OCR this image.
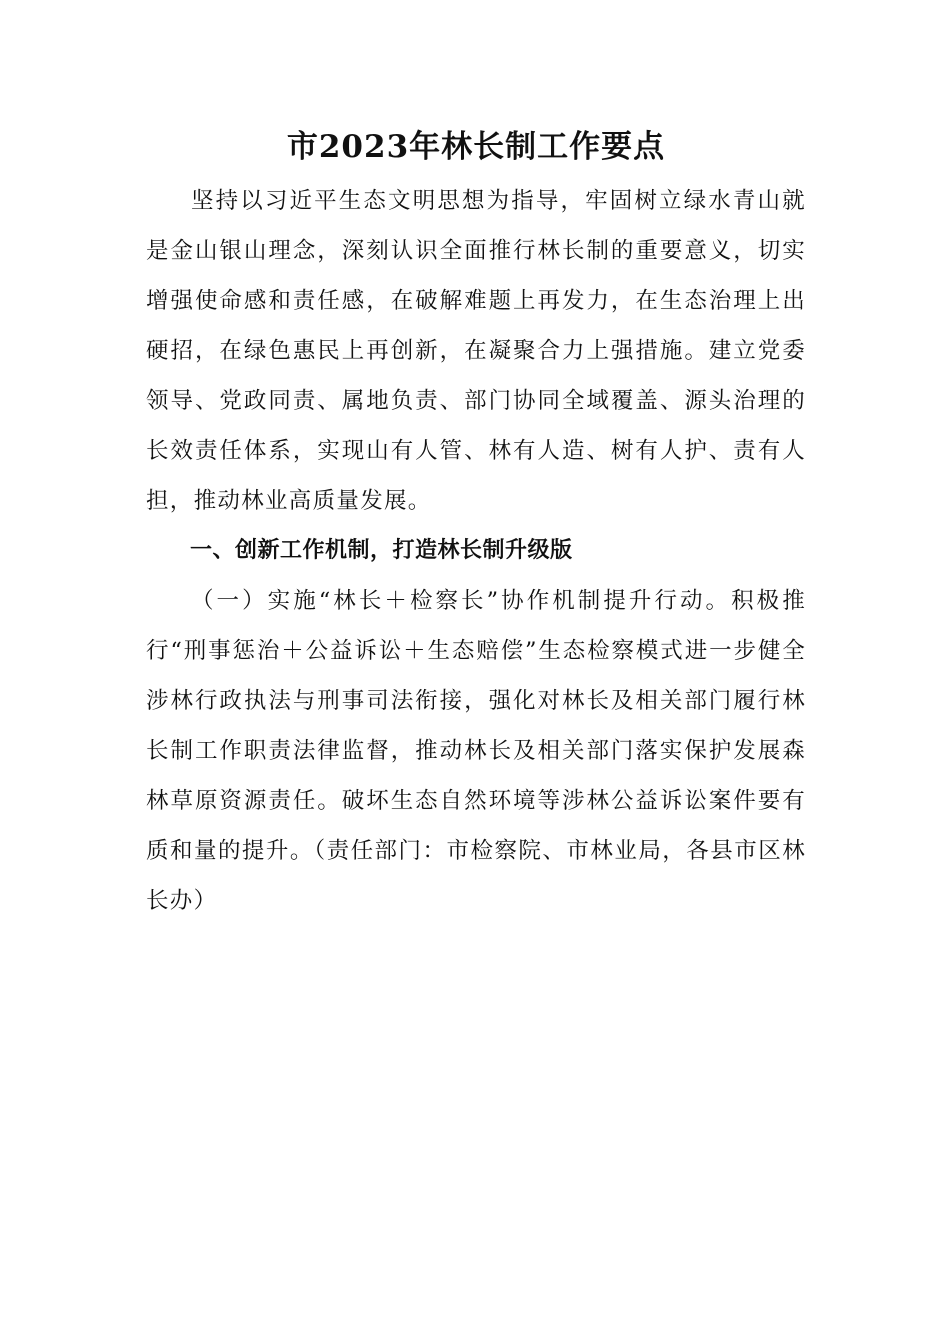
市2023年林长制工作要点

坚持以习近平生态文明思想为指导，牢固树立绿水青山就是金山银山理念，深刻认识全面推行林长制的重要意义，切实增强使命感和责任感，在破解难题上再发力，在生态治理上出硬招，在绿色惠民上再创新，在凝聚合力上强措施。建立党委领导、党政同责、属地负责、部门协同全域覆盖、源头治理的长效责任体系，实现山有人管、林有人造、树有人护、责有人担，推动林业高质量发展。

一、创新工作机制，打造林长制升级版

（一）实施“林长＋检察长”协作机制提升行动。积极推行“刑事惩治＋公益诉讼＋生态赔偿”生态检察模式进一步健全涉林行政执法与刑事司法衔接，强化对林长及相关部门履行林长制工作职责法律监督，推动林长及相关部门落实保护发展森林草原资源责任。破坏生态自然环境等涉林公益诉讼案件要有质和量的提升。（责任部门：市检察院、市林业局，各县市区林长办）
